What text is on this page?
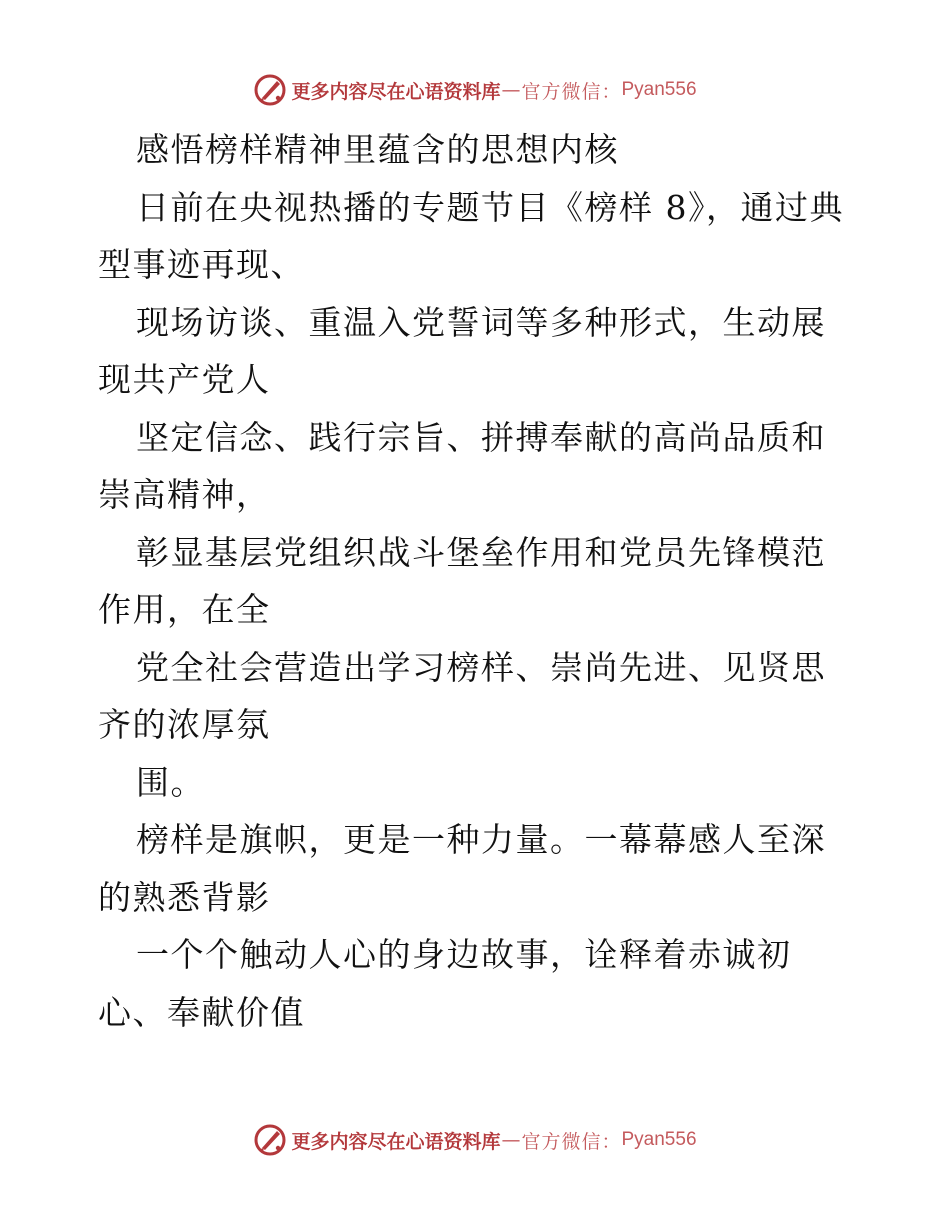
更多内容尽在心语资料库 — 官方微信： Pyan556

感悟榜样精神里蕴含的思想内核

日前在央视热播的专题节目《榜样 8》，通过典型事迹再现、

现场访谈、重温入党誓词等多种形式，生动展现共产党人

坚定信念、践行宗旨、拼搏奉献的高尚品质和崇高精神，

彰显基层党组织战斗堡垒作用和党员先锋模范作用，在全

党全社会营造出学习榜样、崇尚先进、见贤思齐的浓厚氛

围。

榜样是旗帜，更是一种力量。一幕幕感人至深的熟悉背影

一个个触动人心的身边故事，诠释着赤诚初心、奉献价值

更多内容尽在心语资料库 — 官方微信： Pyan556
